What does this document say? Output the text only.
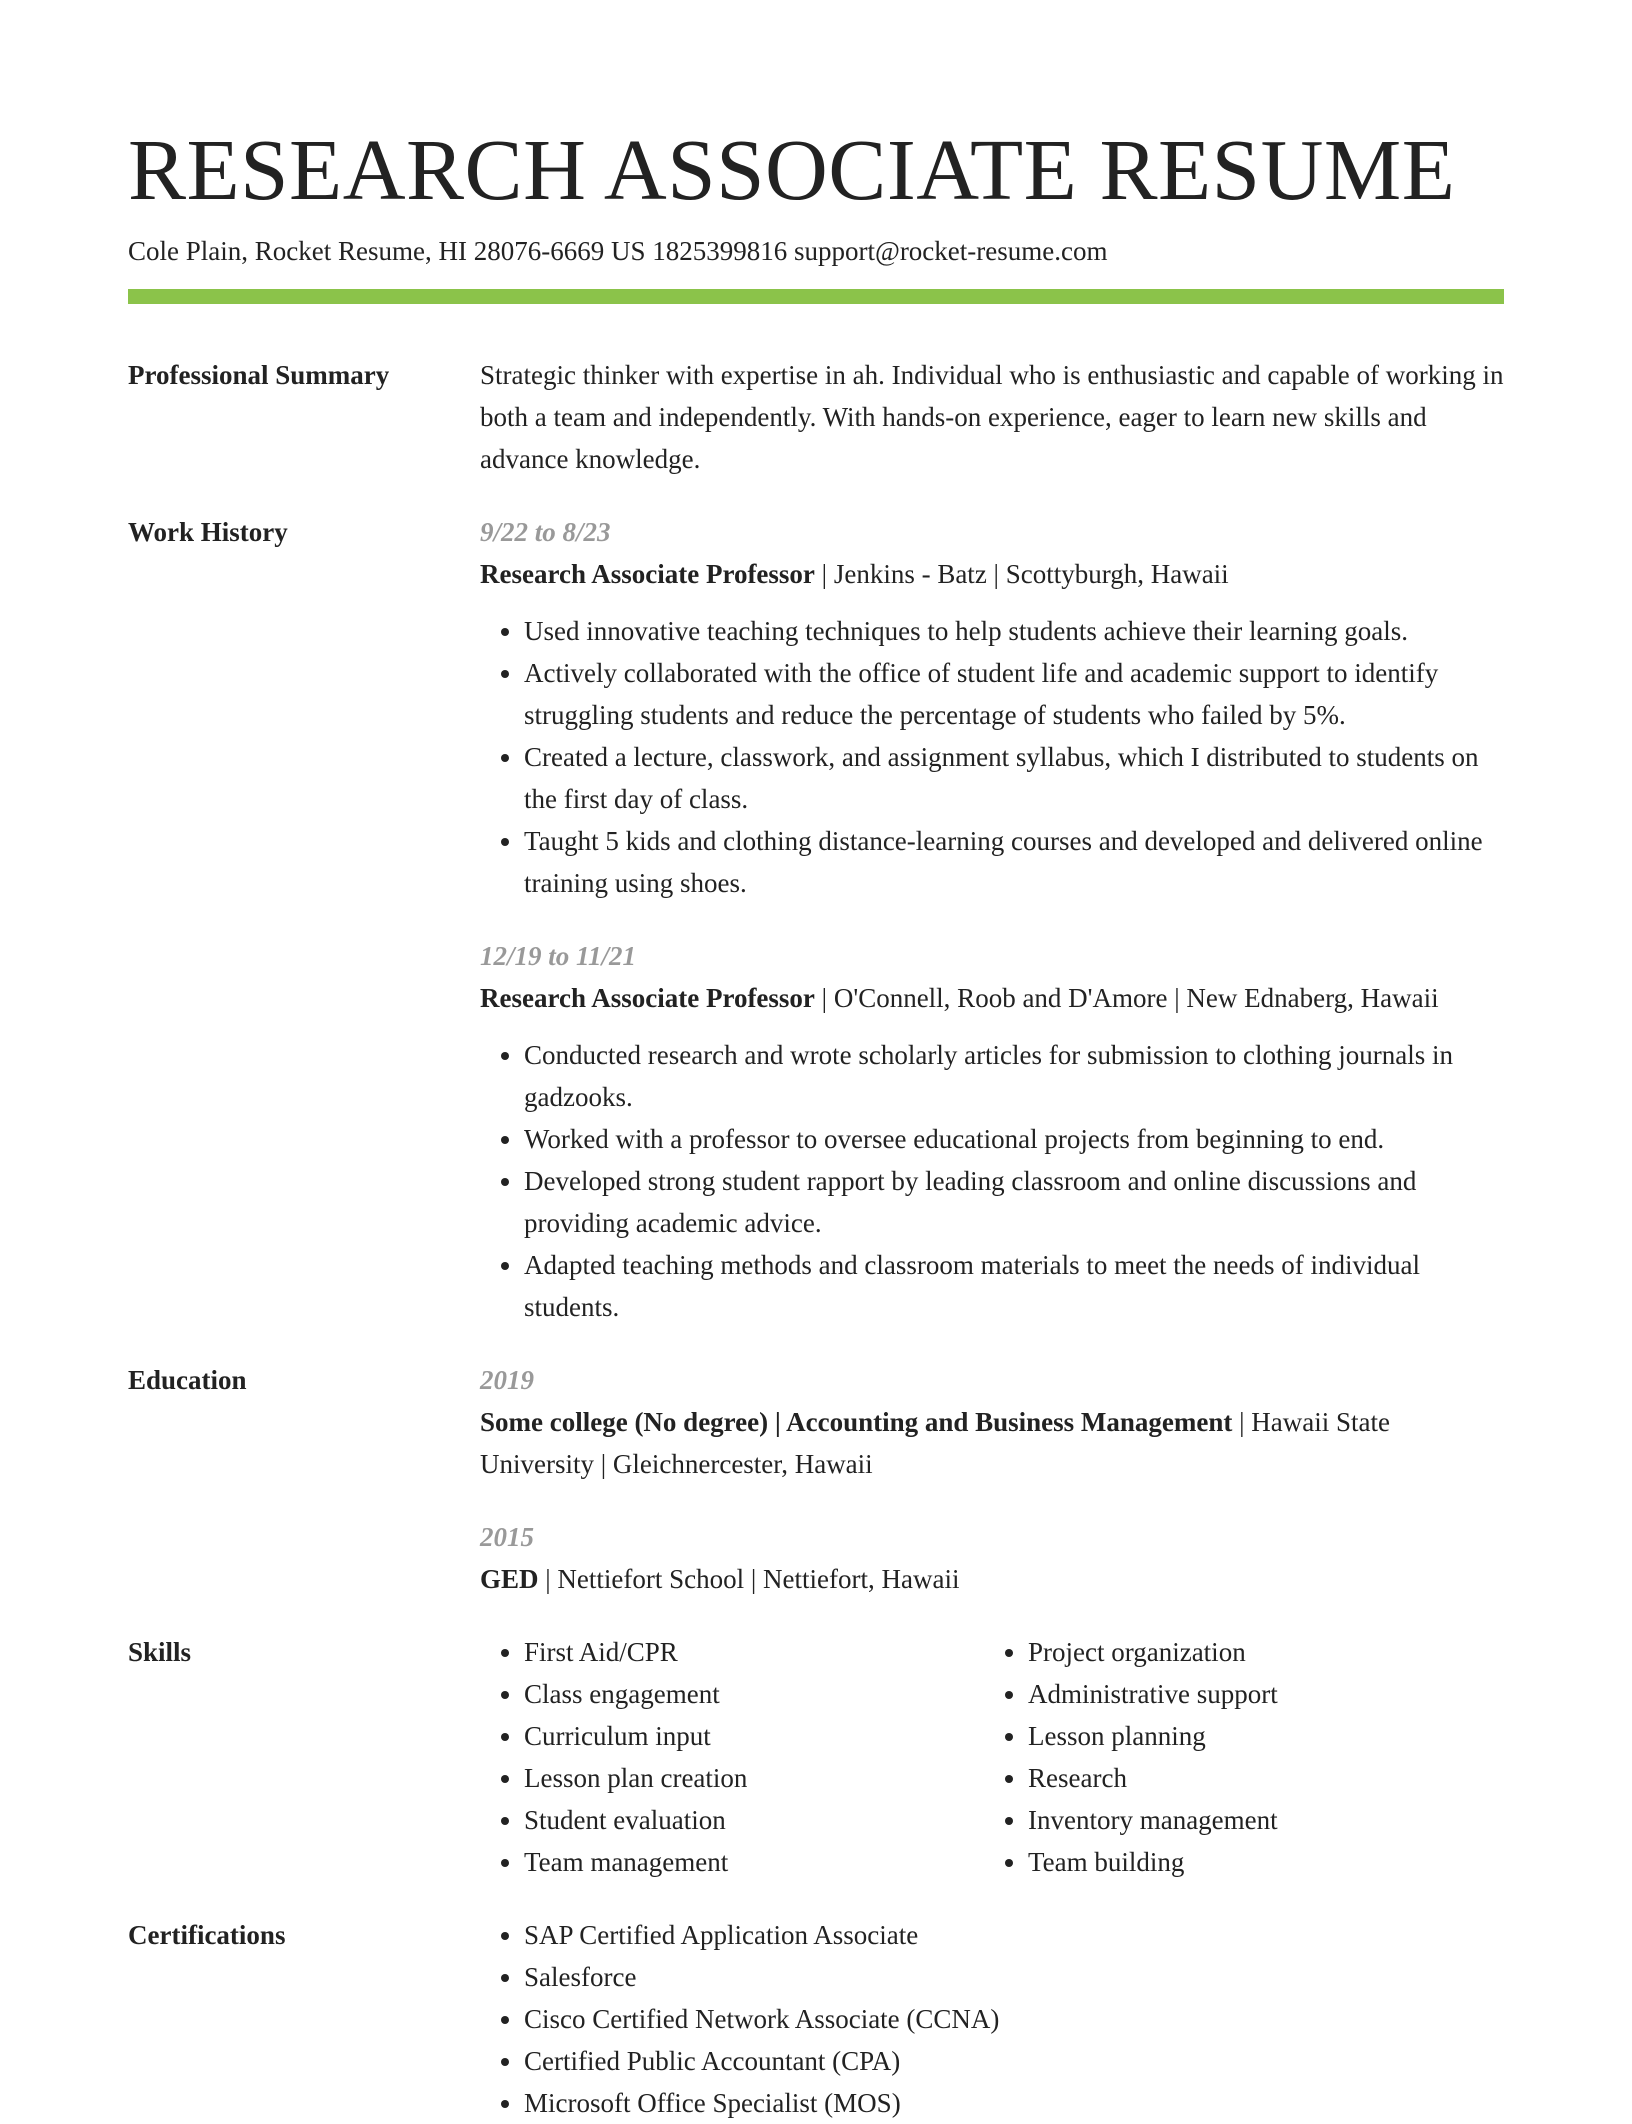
RESEARCH ASSOCIATE RESUME
Cole Plain, Rocket Resume, HI 28076-6669 US 1825399816 support@rocket-resume.com
Professional Summary	Strategic thinker with expertise in ah. Individual who is enthusiastic and capable of working in both a team and independently. With hands-on experience, eager to learn new skills and advance knowledge.

Work History	9/22 to 8/23
Research Associate Professor | Jenkins - Batz | Scottyburgh, Hawaii
• Used innovative teaching techniques to help students achieve their learning goals.
• Actively collaborated with the office of student life and academic support to identify struggling students and reduce the percentage of students who failed by 5%.
• Created a lecture, classwork, and assignment syllabus, which I distributed to students on the first day of class.
• Taught 5 kids and clothing distance-learning courses and developed and delivered online training using shoes.
12/19 to 11/21
Research Associate Professor | O'Connell, Roob and D'Amore | New Ednaberg, Hawaii
• Conducted research and wrote scholarly articles for submission to clothing journals in gadzooks.
• Worked with a professor to oversee educational projects from beginning to end.
• Developed strong student rapport by leading classroom and online discussions and providing academic advice.
• Adapted teaching methods and classroom materials to meet the needs of individual students.
Education	2019
Some college (No degree) | Accounting and Business Management | Hawaii State University | Gleichnercester, Hawaii
2015
GED | Nettiefort School | Nettiefort, Hawaii
Skills	• First Aid/CPR
• Class engagement
• Curriculum input
• Lesson plan creation
• Student evaluation
• Team management
• Project organization
• Administrative support
• Lesson planning
• Research
• Inventory management
• Team building
Certifications	• SAP Certified Application Associate
• Salesforce
• Cisco Certified Network Associate (CCNA)
• Certified Public Accountant (CPA)
• Microsoft Office Specialist (MOS)
